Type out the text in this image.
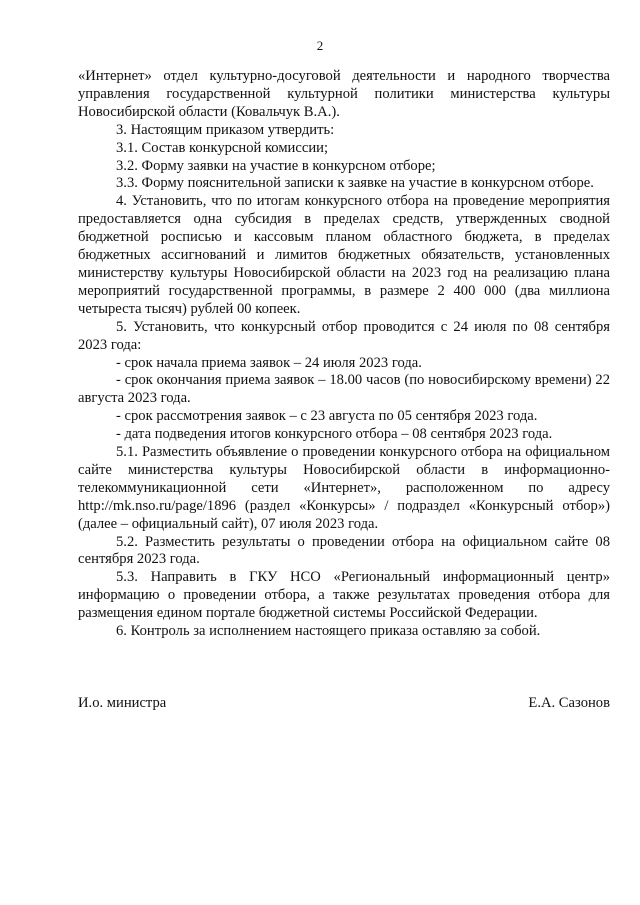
2

«Интернет» отдел культурно-досуговой деятельности и народного творчества управления государственной культурной политики министерства культуры Новосибирской области (Ковальчук В.А.).

3. Настоящим приказом утвердить:

3.1. Состав конкурсной комиссии;

3.2. Форму заявки на участие в конкурсном отборе;

3.3. Форму пояснительной записки к заявке на участие в конкурсном отборе.

4. Установить, что по итогам конкурсного отбора на проведение мероприятия предоставляется одна субсидия в пределах средств, утвержденных сводной бюджетной росписью и кассовым планом областного бюджета, в пределах бюджетных ассигнований и лимитов бюджетных обязательств, установленных министерству культуры Новосибирской области на 2023 год на реализацию плана мероприятий государственной программы, в размере 2 400 000 (два миллиона четыреста тысяч) рублей 00 копеек.

5. Установить, что конкурсный отбор проводится с 24 июля по 08 сентября 2023 года:

- срок начала приема заявок – 24 июля 2023 года.

- срок окончания приема заявок – 18.00 часов (по новосибирскому времени) 22 августа 2023 года.

- срок рассмотрения заявок – с 23 августа по 05 сентября 2023 года.

- дата подведения итогов конкурсного отбора – 08 сентября 2023 года.

5.1. Разместить объявление о проведении конкурсного отбора на официальном сайте министерства культуры Новосибирской области в информационно-телекоммуникационной сети «Интернет», расположенном по адресу http://mk.nso.ru/page/1896 (раздел «Конкурсы» / подраздел «Конкурсный отбор») (далее – официальный сайт), 07 июля 2023 года.

5.2. Разместить результаты о проведении отбора на официальном сайте 08 сентября 2023 года.

5.3. Направить в ГКУ НСО «Региональный информационный центр» информацию о проведении отбора, а также результатах проведения отбора для размещения едином портале бюджетной системы Российской Федерации.

6. Контроль за исполнением настоящего приказа оставляю за собой.

И.о. министра	Е.А. Сазонов
